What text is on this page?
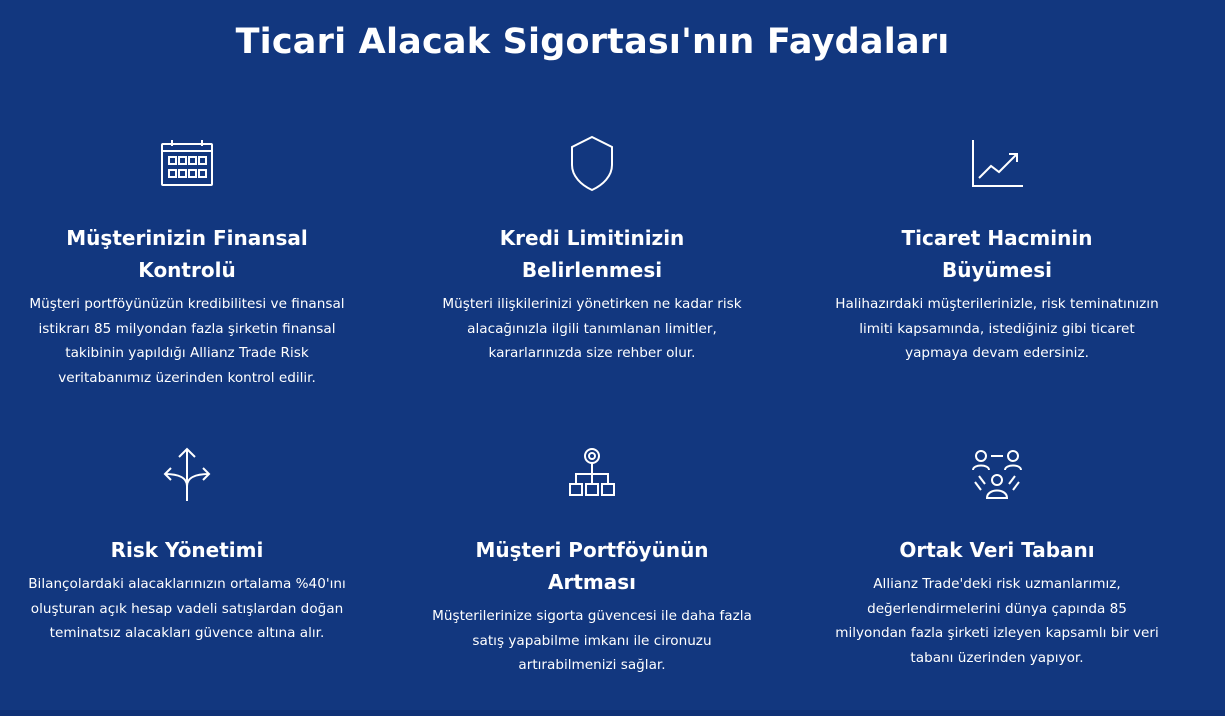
Ticari Alacak Sigortası'nın Faydaları
Müşterinizin Finansal Kontrolü

Müşteri portföyünüzün kredibilitesi ve finansal istikrarı 85 milyondan fazla şirketin finansal takibinin yapıldığı Allianz Trade Risk veritabanımız üzerinden kontrol edilir.

Kredi Limitinizin Belirlenmesi

Müşteri ilişkilerinizi yönetirken ne kadar risk alacağınızla ilgili tanımlanan limitler, kararlarınızda size rehber olur.

Ticaret Hacminin Büyümesi

Halihazırdaki müşterilerinizle, risk teminatınızın limiti kapsamında, istediğiniz gibi ticaret yapmaya devam edersiniz.

Risk Yönetimi

Bilançolardaki alacaklarınızın ortalama %40'ını oluşturan açık hesap vadeli satışlardan doğan teminatsız alacakları güvence altına alır.

Müşteri Portföyünün Artması

Müşterilerinize sigorta güvencesi ile daha fazla satış yapabilme imkanı ile cironuzu artırabilmenizi sağlar.

Ortak Veri Tabanı

Allianz Trade'deki risk uzmanlarımız, değerlendirmelerini dünya çapında 85 milyondan fazla şirketi izleyen kapsamlı bir veri tabanı üzerinden yapıyor.
